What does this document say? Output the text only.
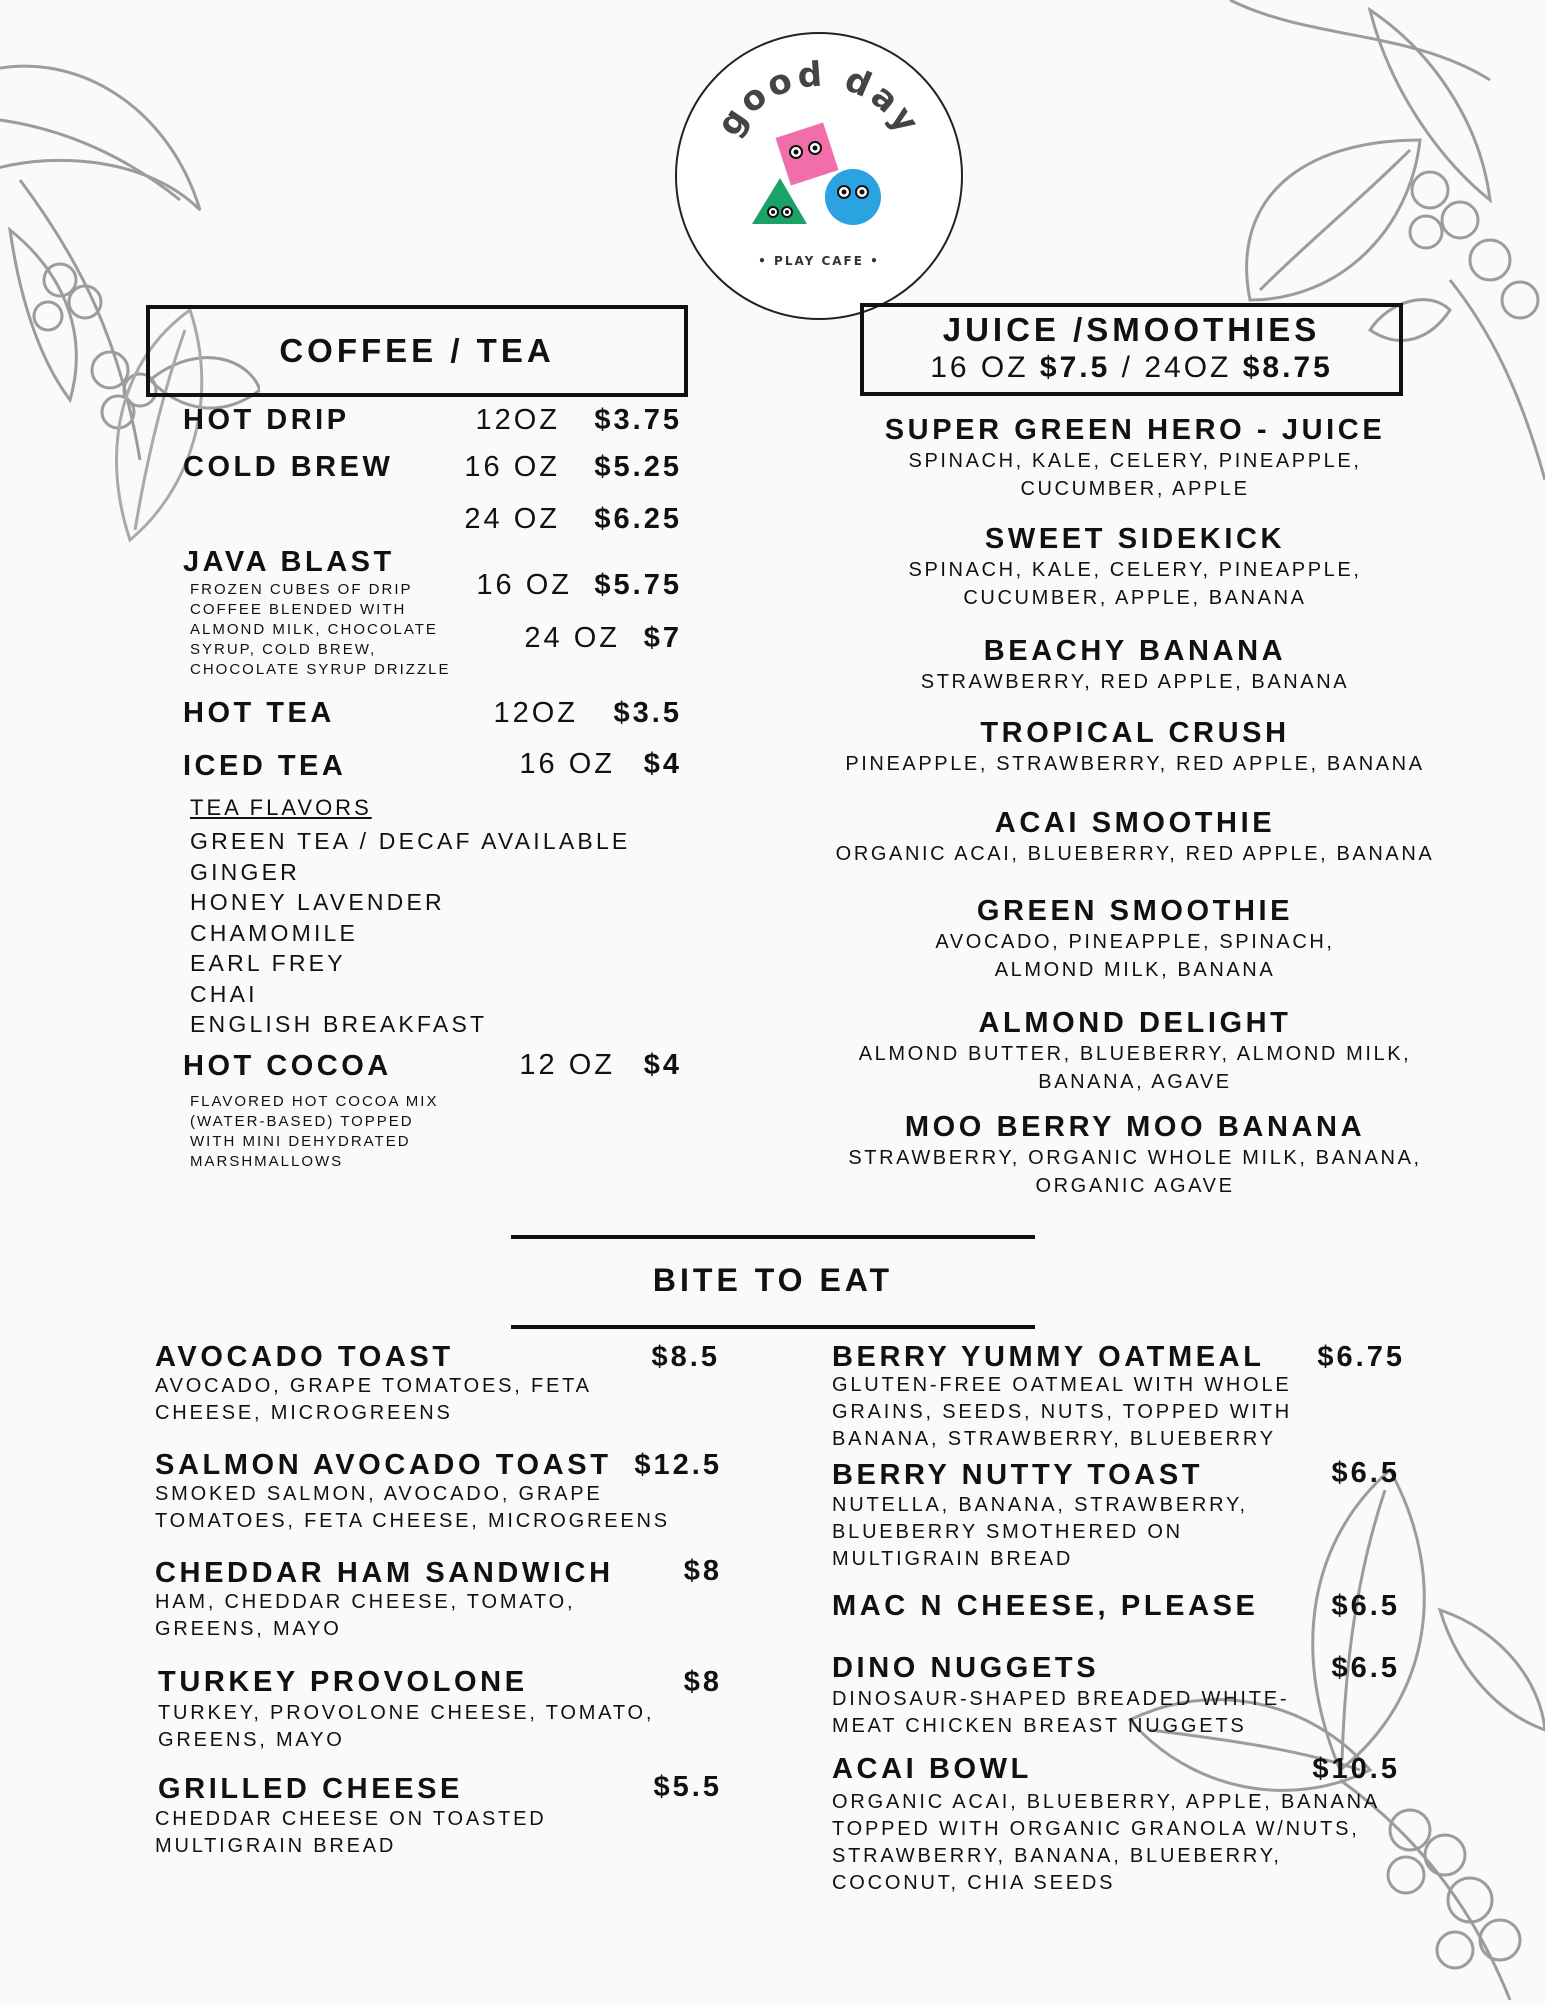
good day
• PLAY CAFE •
COFFEE / TEA
HOT DRIP	12OZ	$3.75
COLD BREW	16 OZ	$5.25
24 OZ	$6.25
JAVA BLAST
FROZEN CUBES OF DRIP COFFEE BLENDED WITH ALMOND MILK, CHOCOLATE SYRUP, COLD BREW, CHOCOLATE SYRUP DRIZZLE
16 OZ $5.75
24 OZ $7
HOT TEA	12OZ	$3.5
ICED TEA	16 OZ $4
TEA FLAVORS
GREEN TEA / DECAF AVAILABLE
GINGER
HONEY LAVENDER
CHAMOMILE
EARL FREY
CHAI
ENGLISH BREAKFAST
HOT COCOA	12 OZ $4
FLAVORED HOT COCOA MIX (WATER-BASED) TOPPED WITH MINI DEHYDRATED MARSHMALLOWS
JUICE /SMOOTHIES
16 OZ $7.5 / 24OZ $8.75
SUPER GREEN HERO - JUICE
SPINACH, KALE, CELERY, PINEAPPLE,
CUCUMBER, APPLE
SWEET SIDEKICK
SPINACH, KALE, CELERY, PINEAPPLE,
CUCUMBER, APPLE, BANANA
BEACHY BANANA
STRAWBERRY, RED APPLE, BANANA
TROPICAL CRUSH
PINEAPPLE, STRAWBERRY, RED APPLE, BANANA
ACAI SMOOTHIE
ORGANIC ACAI, BLUEBERRY, RED APPLE, BANANA
GREEN SMOOTHIE
AVOCADO, PINEAPPLE, SPINACH,
ALMOND MILK, BANANA
ALMOND DELIGHT
ALMOND BUTTER, BLUEBERRY, ALMOND MILK,
BANANA, AGAVE
MOO BERRY MOO BANANA
STRAWBERRY, ORGANIC WHOLE MILK, BANANA,
ORGANIC AGAVE
BITE TO EAT
AVOCADO TOAST	$8.5
AVOCADO, GRAPE TOMATOES, FETA
CHEESE, MICROGREENS
SALMON AVOCADO TOAST $12.5
SMOKED SALMON, AVOCADO, GRAPE
TOMATOES, FETA CHEESE, MICROGREENS
CHEDDAR HAM SANDWICH	$8
HAM, CHEDDAR CHEESE, TOMATO,
GREENS, MAYO
TURKEY PROVOLONE	$8
TURKEY, PROVOLONE CHEESE, TOMATO,
GREENS, MAYO
GRILLED CHEESE	$5.5
CHEDDAR CHEESE ON TOASTED
MULTIGRAIN BREAD
BERRY YUMMY OATMEAL	$6.75
GLUTEN-FREE OATMEAL WITH WHOLE
GRAINS, SEEDS, NUTS, TOPPED WITH
BANANA, STRAWBERRY, BLUEBERRY
BERRY NUTTY TOAST	$6.5
NUTELLA, BANANA, STRAWBERRY,
BLUEBERRY SMOTHERED ON
MULTIGRAIN BREAD
MAC N CHEESE, PLEASE	$6.5
DINO NUGGETS	$6.5
DINOSAUR-SHAPED BREADED WHITE-
MEAT CHICKEN BREAST NUGGETS
ACAI BOWL	$10.5
ORGANIC ACAI, BLUEBERRY, APPLE, BANANA
TOPPED WITH ORGANIC GRANOLA W/NUTS,
STRAWBERRY, BANANA, BLUEBERRY,
COCONUT, CHIA SEEDS
